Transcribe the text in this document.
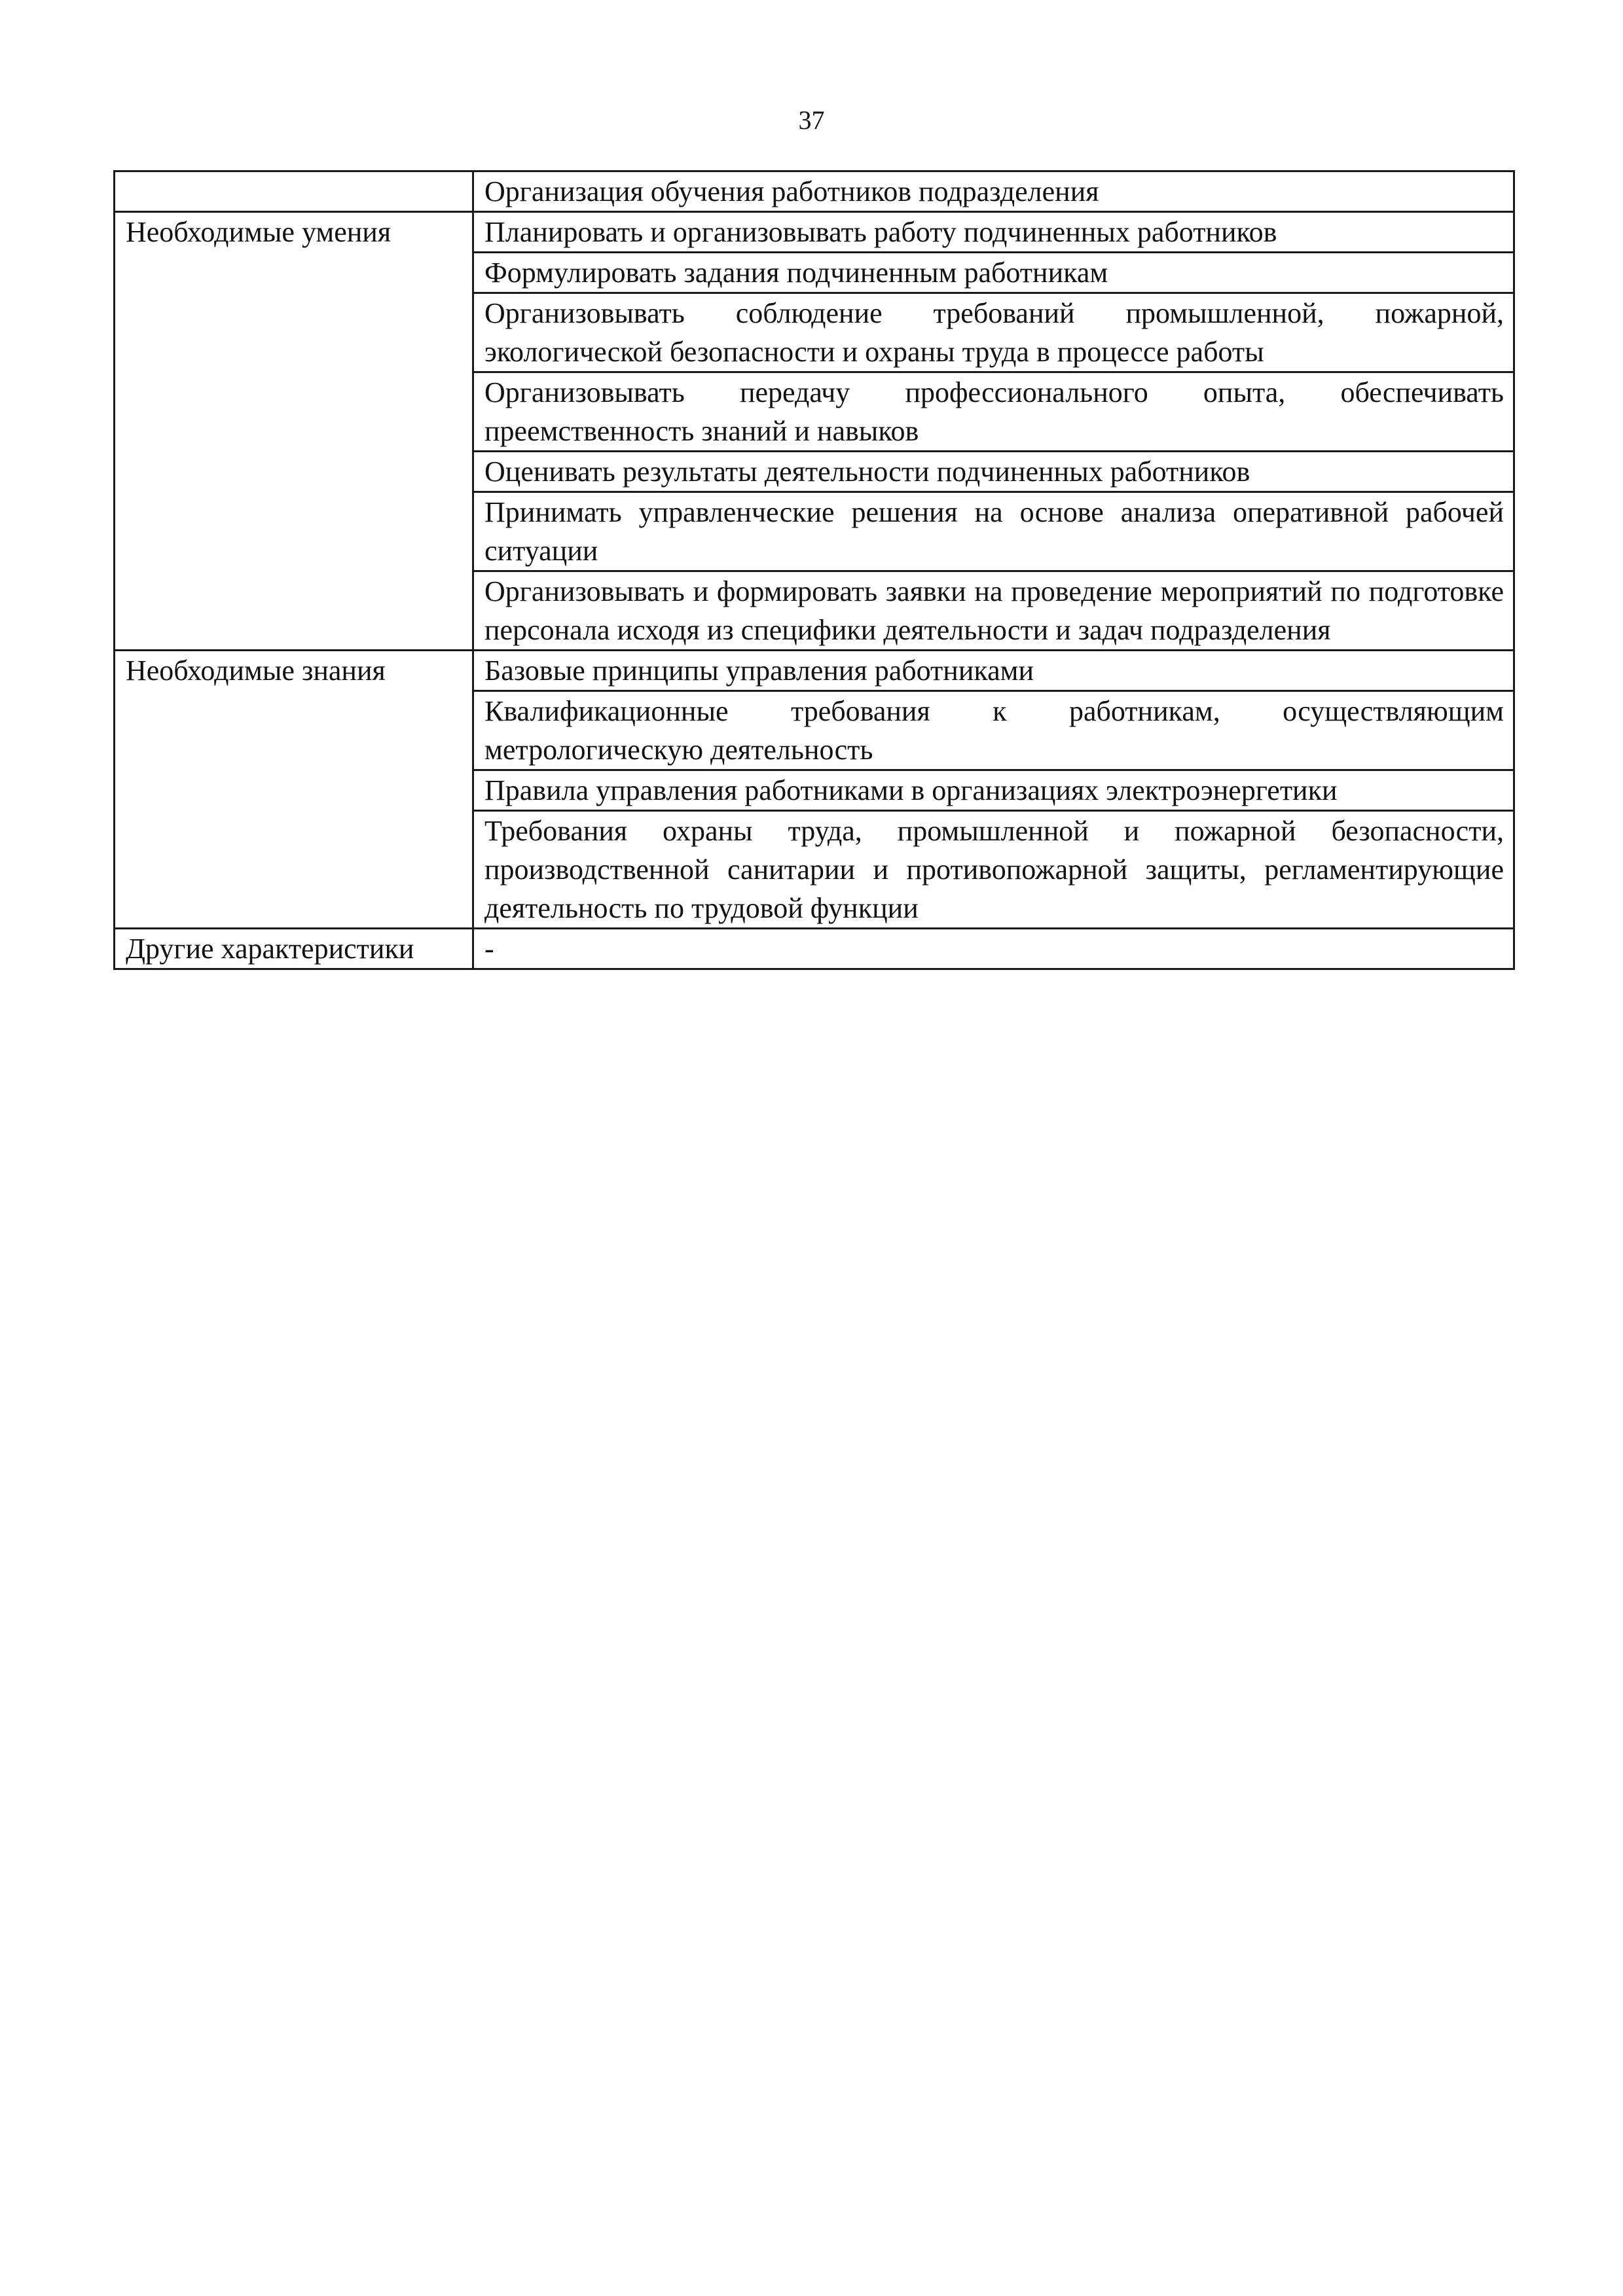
37
	Организация обучения работников подразделения
Необходимые умения	Планировать и организовывать работу подчиненных работников
	Формулировать задания подчиненным работникам
	Организовывать соблюдение требований промышленной, пожарной, экологической безопасности и охраны труда в процессе работы
	Организовывать передачу профессионального опыта, обеспечивать преемственность знаний и навыков
	Оценивать результаты деятельности подчиненных работников
	Принимать управленческие решения на основе анализа оперативной рабочей ситуации
	Организовывать и формировать заявки на проведение мероприятий по подготовке персонала исходя из специфики деятельности и задач подразделения
Необходимые знания	Базовые принципы управления работниками
	Квалификационные требования к работникам, осуществляющим метрологическую деятельность
	Правила управления работниками в организациях электроэнергетики
	Требования охраны труда, промышленной и пожарной безопасности, производственной санитарии и противопожарной защиты, регламентирующие деятельность по трудовой функции
Другие характеристики	-
